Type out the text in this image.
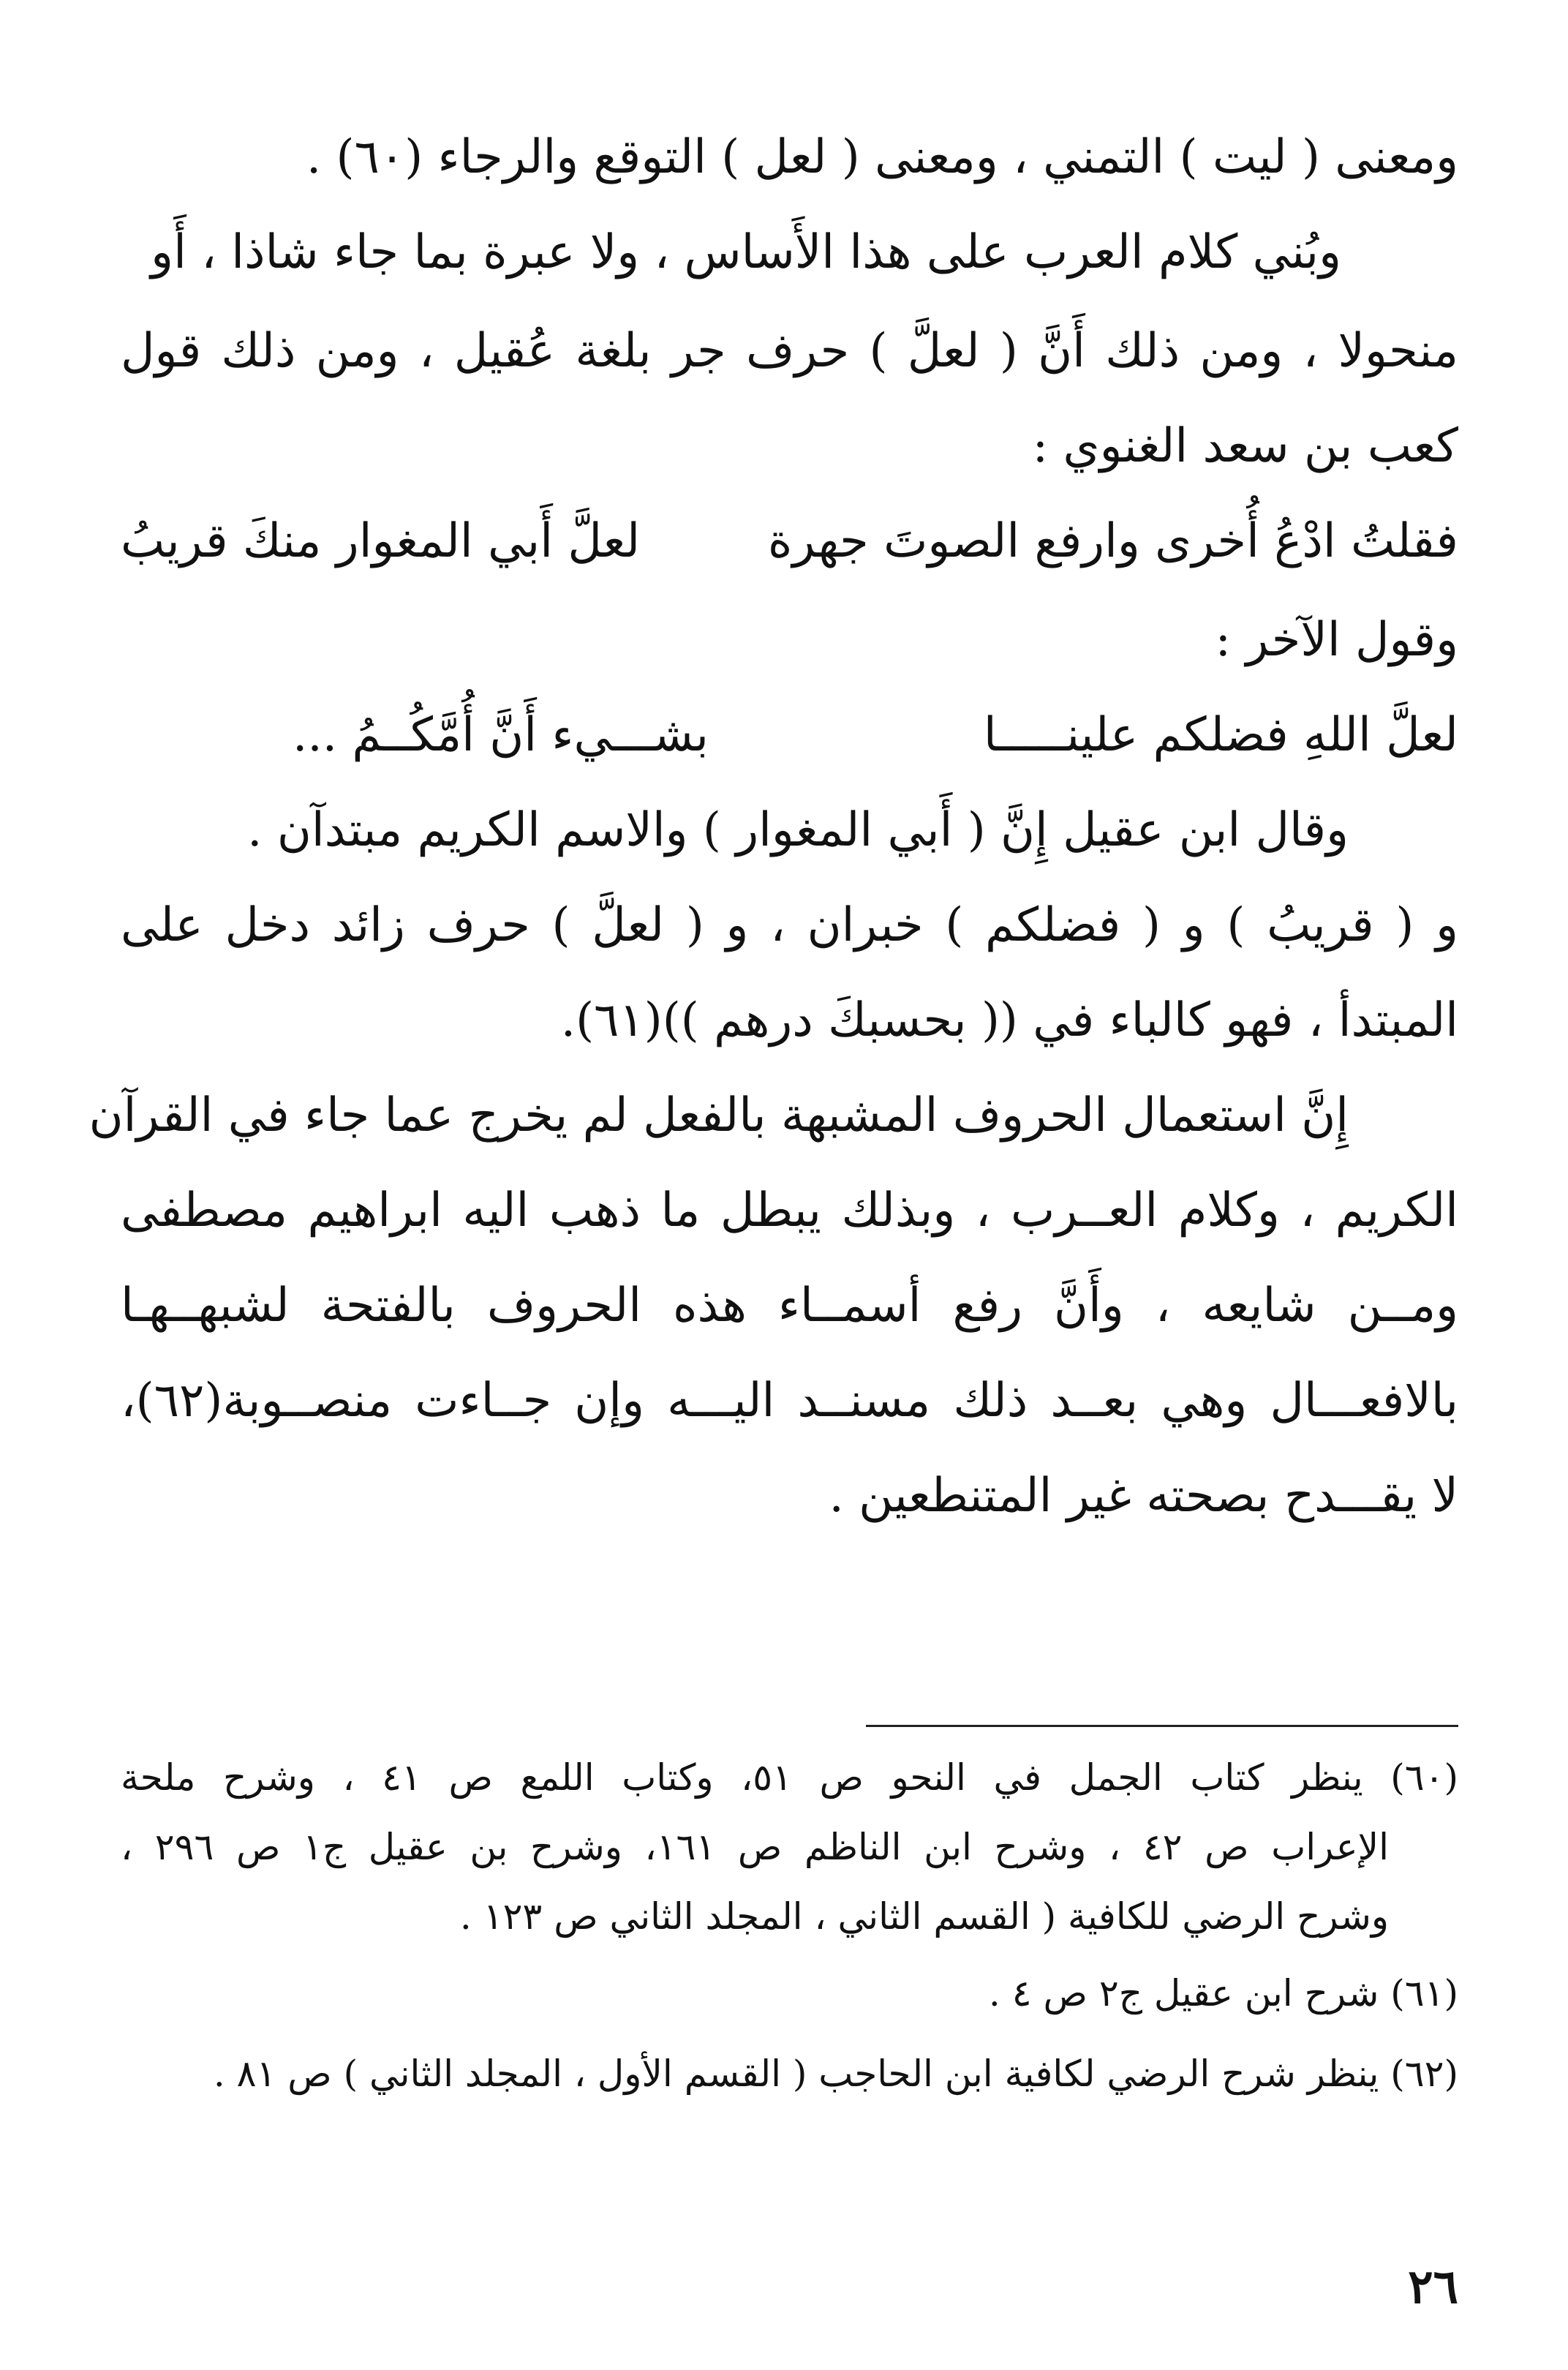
ومعنى ( ليت ) التمني ، ومعنى ( لعل ) التوقع والرجاء (٦٠) .
وبُني كلام العرب على هذا الأَساس ، ولا عبرة بما جاء شاذا ، أَو
منحولا ، ومن ذلك أَنَّ ( لعلَّ ) حرف جر بلغة عُقيل ، ومن ذلك قول
كعب بن سعد الغنوي :
فقلتُ ادْعُ أُخرى وارفع الصوتَ جهرة
لعلَّ أَبي المغوار منكَ قريبُ
وقول الآخر :
لعلَّ اللهِ فضلكم علينـــــا
بشـــيء أَنَّ أُمَّكُــمُ ...
وقال ابن عقيل إِنَّ ( أَبي المغوار ) والاسم الكريم مبتدآن .
و ( قريبُ ) و ( فضلكم ) خبران ، و ( لعلَّ ) حرف زائد دخل على
المبتدأ ، فهو كالباء في (( بحسبكَ درهم ))(٦١).
إِنَّ استعمال الحروف المشبهة بالفعل لم يخرج عما جاء في القرآن
الكريم ، وكلام العــرب ، وبذلك يبطل ما ذهب اليه ابراهيم مصطفى
ومــن شايعه ، وأَنَّ رفع أسمــاء هذه الحروف بالفتحة لشبهــهـا
بالافعـــال وهي بعــد ذلك مسنــد اليـــه وإن جــاءت منصــوبة(٦٢)،
لا يقـــدح بصحته غير المتنطعين .
(٦٠) ينظر كتاب الجمل في النحو ص ٥١، وكتاب اللمع ص ٤١ ، وشرح ملحة
الإعراب ص ٤٢ ، وشرح ابن الناظم ص ١٦١، وشرح بن عقيل ج١ ص ٢٩٦ ،
وشرح الرضي للكافية ( القسم الثاني ، المجلد الثاني ص ١٢٣ .
(٦١) شرح ابن عقيل ج٢ ص ٤ .
(٦٢) ينظر شرح الرضي لكافية ابن الحاجب ( القسم الأول ، المجلد الثاني ) ص ٨١ .
٢٦
